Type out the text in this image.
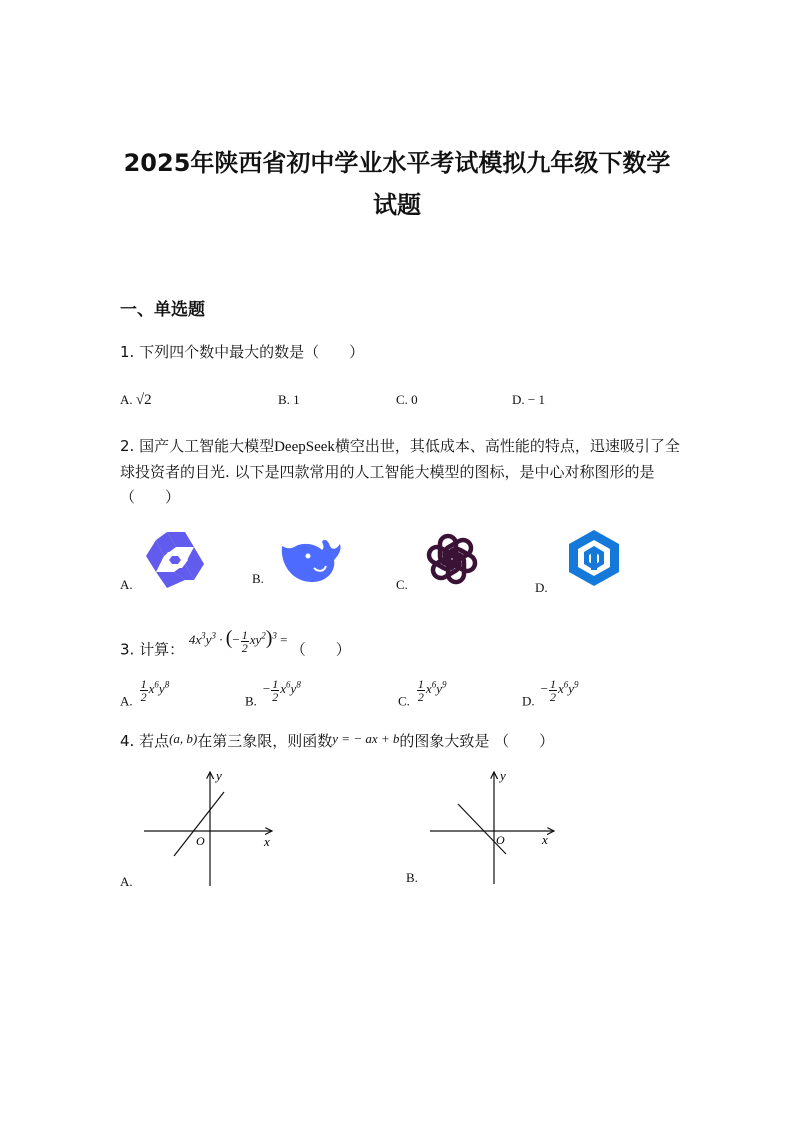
2025年陕西省初中学业水平考试模拟九年级下数学
试题
一、单选题
1. 下列四个数中最大的数是（　　）
A. √2	B. 1	C. 0	D. − 1
2. 国产人工智能大模型DeepSeek横空出世，其低成本、高性能的特点，迅速吸引了全球投资者的目光. 以下是四款常用的人工智能大模型的图标，是中心对称图形的是（　　）
A.	B.	C.	D.
3. 计算： $4x^3y^3$ · (− $\frac{1}{2} xy^2)^3$ = （　　）
A. $\frac{1}{2} x^6y^8$
$B.- \frac{1}{2} x^6y^8$
C. $\frac{1}{2} x^6y^9$
$D.- \frac{1}{2} x^6y^9$
4. 若点(a, b)在第三象限，则函数y = − ax + b的图象大致是 （　　）
y
x
O
A.
y
x
O
B.
